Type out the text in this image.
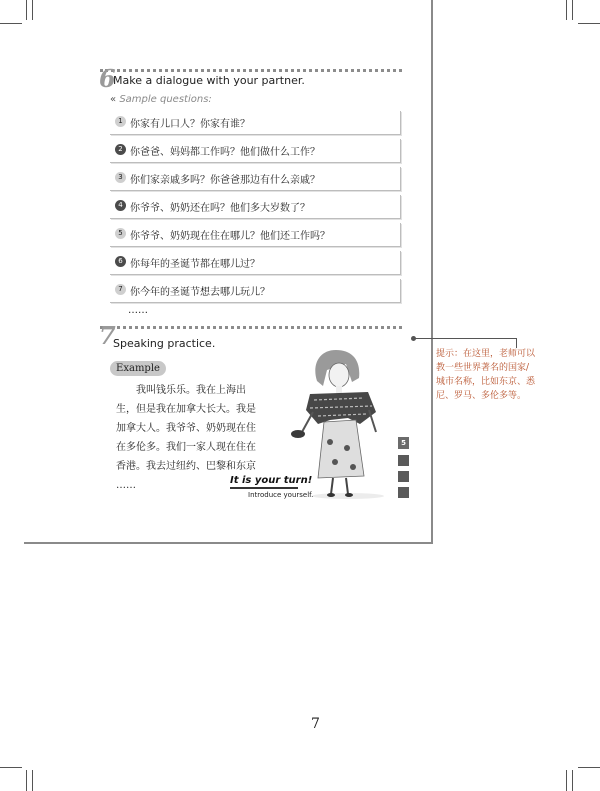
6
Make a dialogue with your partner.
« Sample questions:
1 你家有儿口人？你家有谁？
2 你爸爸、妈妈都工作吗？他们做什么工作？
3 你们家亲戚多吗？你爸爸那边有什么亲戚？
4 你爷爷、奶奶还在吗？他们多大岁数了？
5 你爷爷、奶奶现在住在哪儿？他们还工作吗？
6 你每年的圣诞节都在哪儿过？
7 你今年的圣诞节想去哪儿玩儿？
……
7
Speaking practice.
Example
我叫钱乐乐。我在上海出生，但是我在加拿大长大。我是加拿大人。我爷爷、奶奶现在住在多伦多。我们一家人现在住在香港。我去过纽约、巴黎和东京 ……	It is your turn!
Introduce yourself.
5
提示：在这里，老师可以教一些世界著名的国家/城市名称，比如东京、悉尼、罗马、多伦多等。
7
